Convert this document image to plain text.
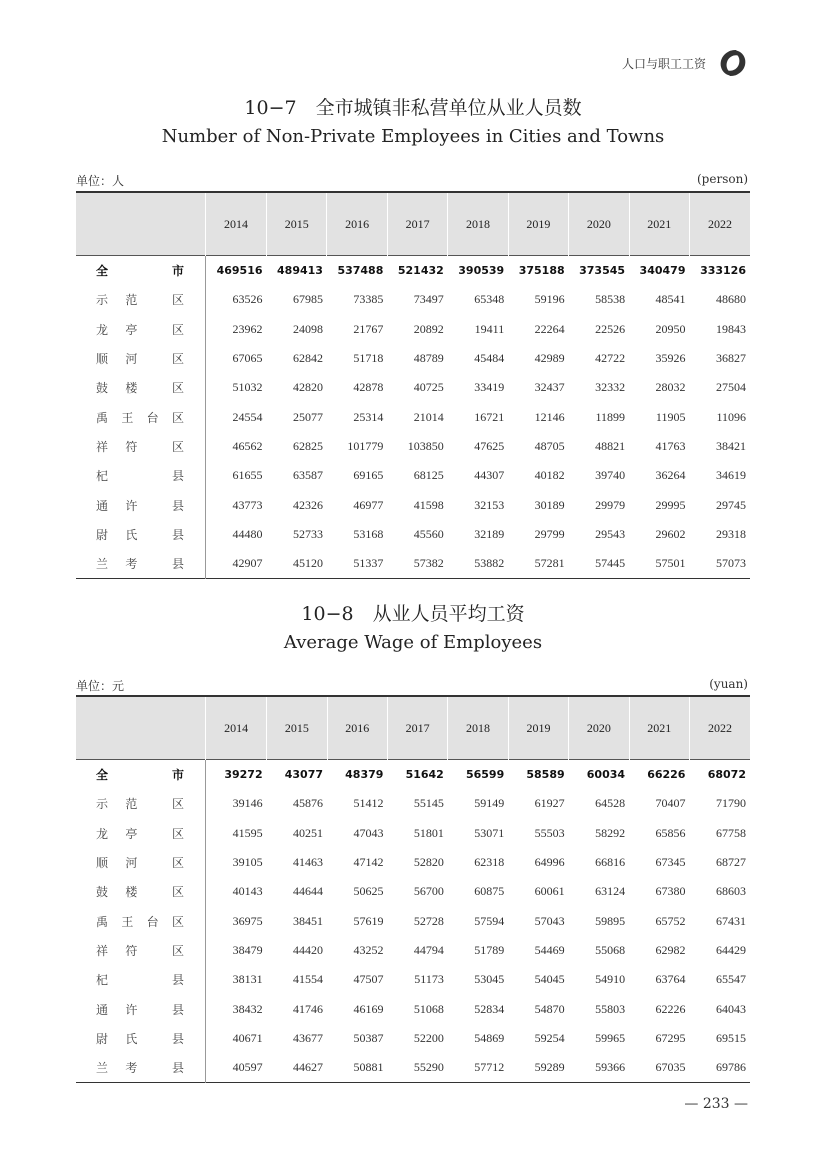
人口与职工工资
10−7　全市城镇非私营单位从业人员数
Number of Non-Private Employees in Cities and Towns
单位：人	(person)
	2014	2015	2016	2017	2018	2019	2020	2021	2022

全 市	469516	489413	537488	521432	390539	375188	373545	340479	333126

示 范 区	63526	67985	73385	73497	65348	59196	58538	48541	48680

龙 亭 区	23962	24098	21767	20892	19411	22264	22526	20950	19843

顺 河 区	67065	62842	51718	48789	45484	42989	42722	35926	36827

鼓 楼 区	51032	42820	42878	40725	33419	32437	32332	28032	27504

禹 王 台 区	24554	25077	25314	21014	16721	12146	11899	11905	11096

祥 符 区	46562	62825	101779	103850	47625	48705	48821	41763	38421

杞 县	61655	63587	69165	68125	44307	40182	39740	36264	34619

通 许 县	43773	42326	46977	41598	32153	30189	29979	29995	29745

尉 氏 县	44480	52733	53168	45560	32189	29799	29543	29602	29318

兰 考 县	42907	45120	51337	57382	53882	57281	57445	57501	57073
10−8　从业人员平均工资
Average Wage of Employees
单位：元	(yuan)
	2014	2015	2016	2017	2018	2019	2020	2021	2022

全 市	39272	43077	48379	51642	56599	58589	60034	66226	68072

示 范 区	39146	45876	51412	55145	59149	61927	64528	70407	71790

龙 亭 区	41595	40251	47043	51801	53071	55503	58292	65856	67758

顺 河 区	39105	41463	47142	52820	62318	64996	66816	67345	68727

鼓 楼 区	40143	44644	50625	56700	60875	60061	63124	67380	68603

禹 王 台 区	36975	38451	57619	52728	57594	57043	59895	65752	67431

祥 符 区	38479	44420	43252	44794	51789	54469	55068	62982	64429

杞 县	38131	41554	47507	51173	53045	54045	54910	63764	65547

通 许 县	38432	41746	46169	51068	52834	54870	55803	62226	64043

尉 氏 县	40671	43677	50387	52200	54869	59254	59965	67295	69515

兰 考 县	40597	44627	50881	55290	57712	59289	59366	67035	69786
— 233 —
